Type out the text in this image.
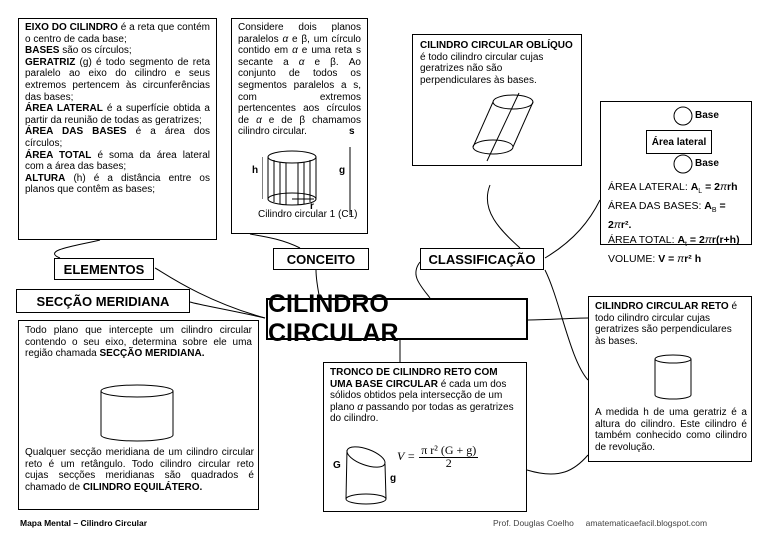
EIXO DO CILINDRO é a reta que contém o centro de cada base;
BASES são os círculos;
GERATRIZ (g) é todo segmento de reta paralelo ao eixo do cilindro e seus extremos pertencem às circunferências das bases;
ÁREA LATERAL é a superfície obtida a partir da reunião de todas as geratrizes;
ÁREA DAS BASES é a área dos círculos;
ÁREA TOTAL é soma da área lateral com a área das bases;
ALTURA (h) é a distância entre os planos que contêm as bases;
Considere dois planos paralelos α e β, um círculo contido em α e uma reta s secante a α e β. Ao conjunto de todos os segmentos paralelos a s, com extremos pertencentes aos círculos de α e de β chamamos cilindro circular.
h	g
r
s
Cilindro circular 1 (C1)
CILINDRO CIRCULAR OBLÍQUO é todo cilindro circular cujas geratrizes não são perpendiculares às bases.
Base
Área lateral
Base
ÁREA LATERAL: $A_L = 2\pi rh$
ÁREA DAS BASES: $A_B = 2\pi r^2$.
ÁREA TOTAL: $A_t = 2\pi r(r+h)$
VOLUME: V = πr² h
ELEMENTOS
CONCEITO	CLASSIFICAÇÃO
SECÇÃO MERIDIANA	CILINDRO CIRCULAR
Todo plano que intercepte um cilindro circular contendo o seu eixo, determina sobre ele uma região chamada SECÇÃO MERIDIANA.
Qualquer secção meridiana de um cilindro circular reto é um retângulo. Todo cilindro circular reto cujas secções meridianas são quadrados é chamado de CILINDRO EQUILÁTERO.
TRONCO DE CILINDRO RETO COM UMA BASE CIRCULAR é cada um dos sólidos obtidos pela intersecção de um plano α passando por todas as geratrizes do cilindro.
G
g
$V = \frac{\text{π r² (G + g)}}{2}$
CILINDRO CIRCULAR RETO é todo cilindro circular cujas geratrizes são perpendiculares às bases.
A medida h de uma geratriz é a altura do cilindro. Este cilindro é também conhecido como cilindro de revolução.
Mapa Mental – Cilindro Circular	Prof. Douglas Coelho     amatematicaefacil.blogspot.com
